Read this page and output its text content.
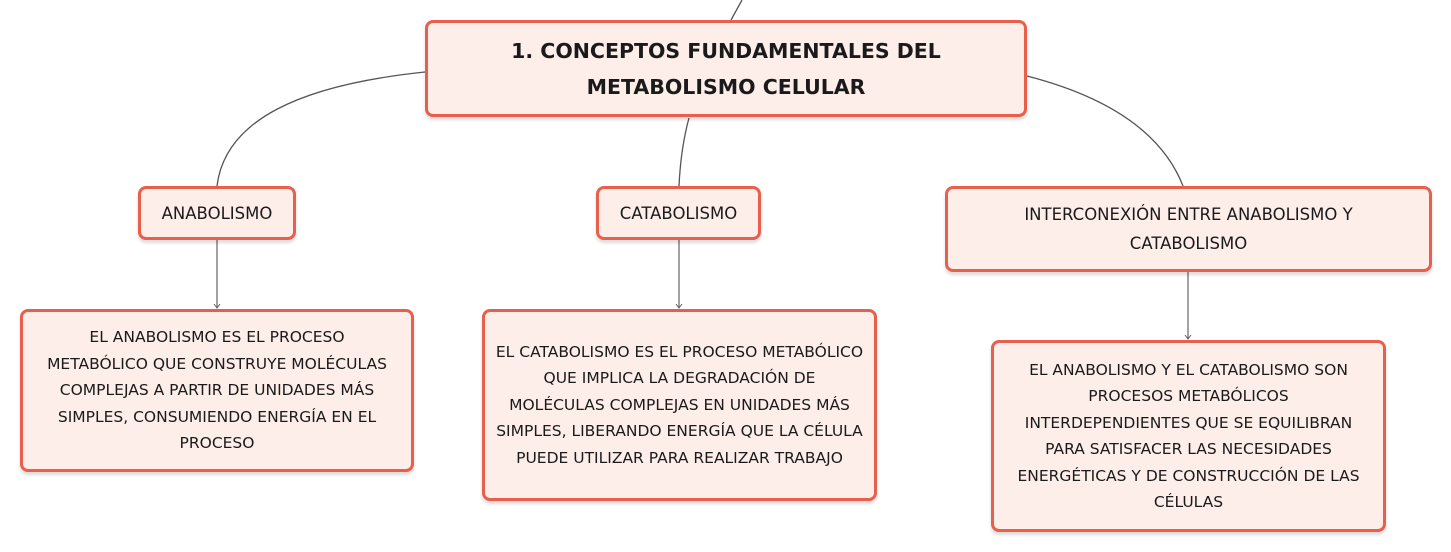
1. CONCEPTOS FUNDAMENTALES DEL METABOLISMO CELULAR
ANABOLISMO	CATABOLISMO	INTERCONEXIÓN ENTRE ANABOLISMO Y CATABOLISMO
EL ANABOLISMO ES EL PROCESO METABÓLICO QUE CONSTRUYE MOLÉCULAS COMPLEJAS A PARTIR DE UNIDADES MÁS SIMPLES, CONSUMIENDO ENERGÍA EN EL PROCESO
EL CATABOLISMO ES EL PROCESO METABÓLICO QUE IMPLICA LA DEGRADACIÓN DE MOLÉCULAS COMPLEJAS EN UNIDADES MÁS SIMPLES, LIBERANDO ENERGÍA QUE LA CÉLULA PUEDE UTILIZAR PARA REALIZAR TRABAJO
EL ANABOLISMO Y EL CATABOLISMO SON PROCESOS METABÓLICOS INTERDEPENDIENTES QUE SE EQUILIBRAN PARA SATISFACER LAS NECESIDADES ENERGÉTICAS Y DE CONSTRUCCIÓN DE LAS CÉLULAS
